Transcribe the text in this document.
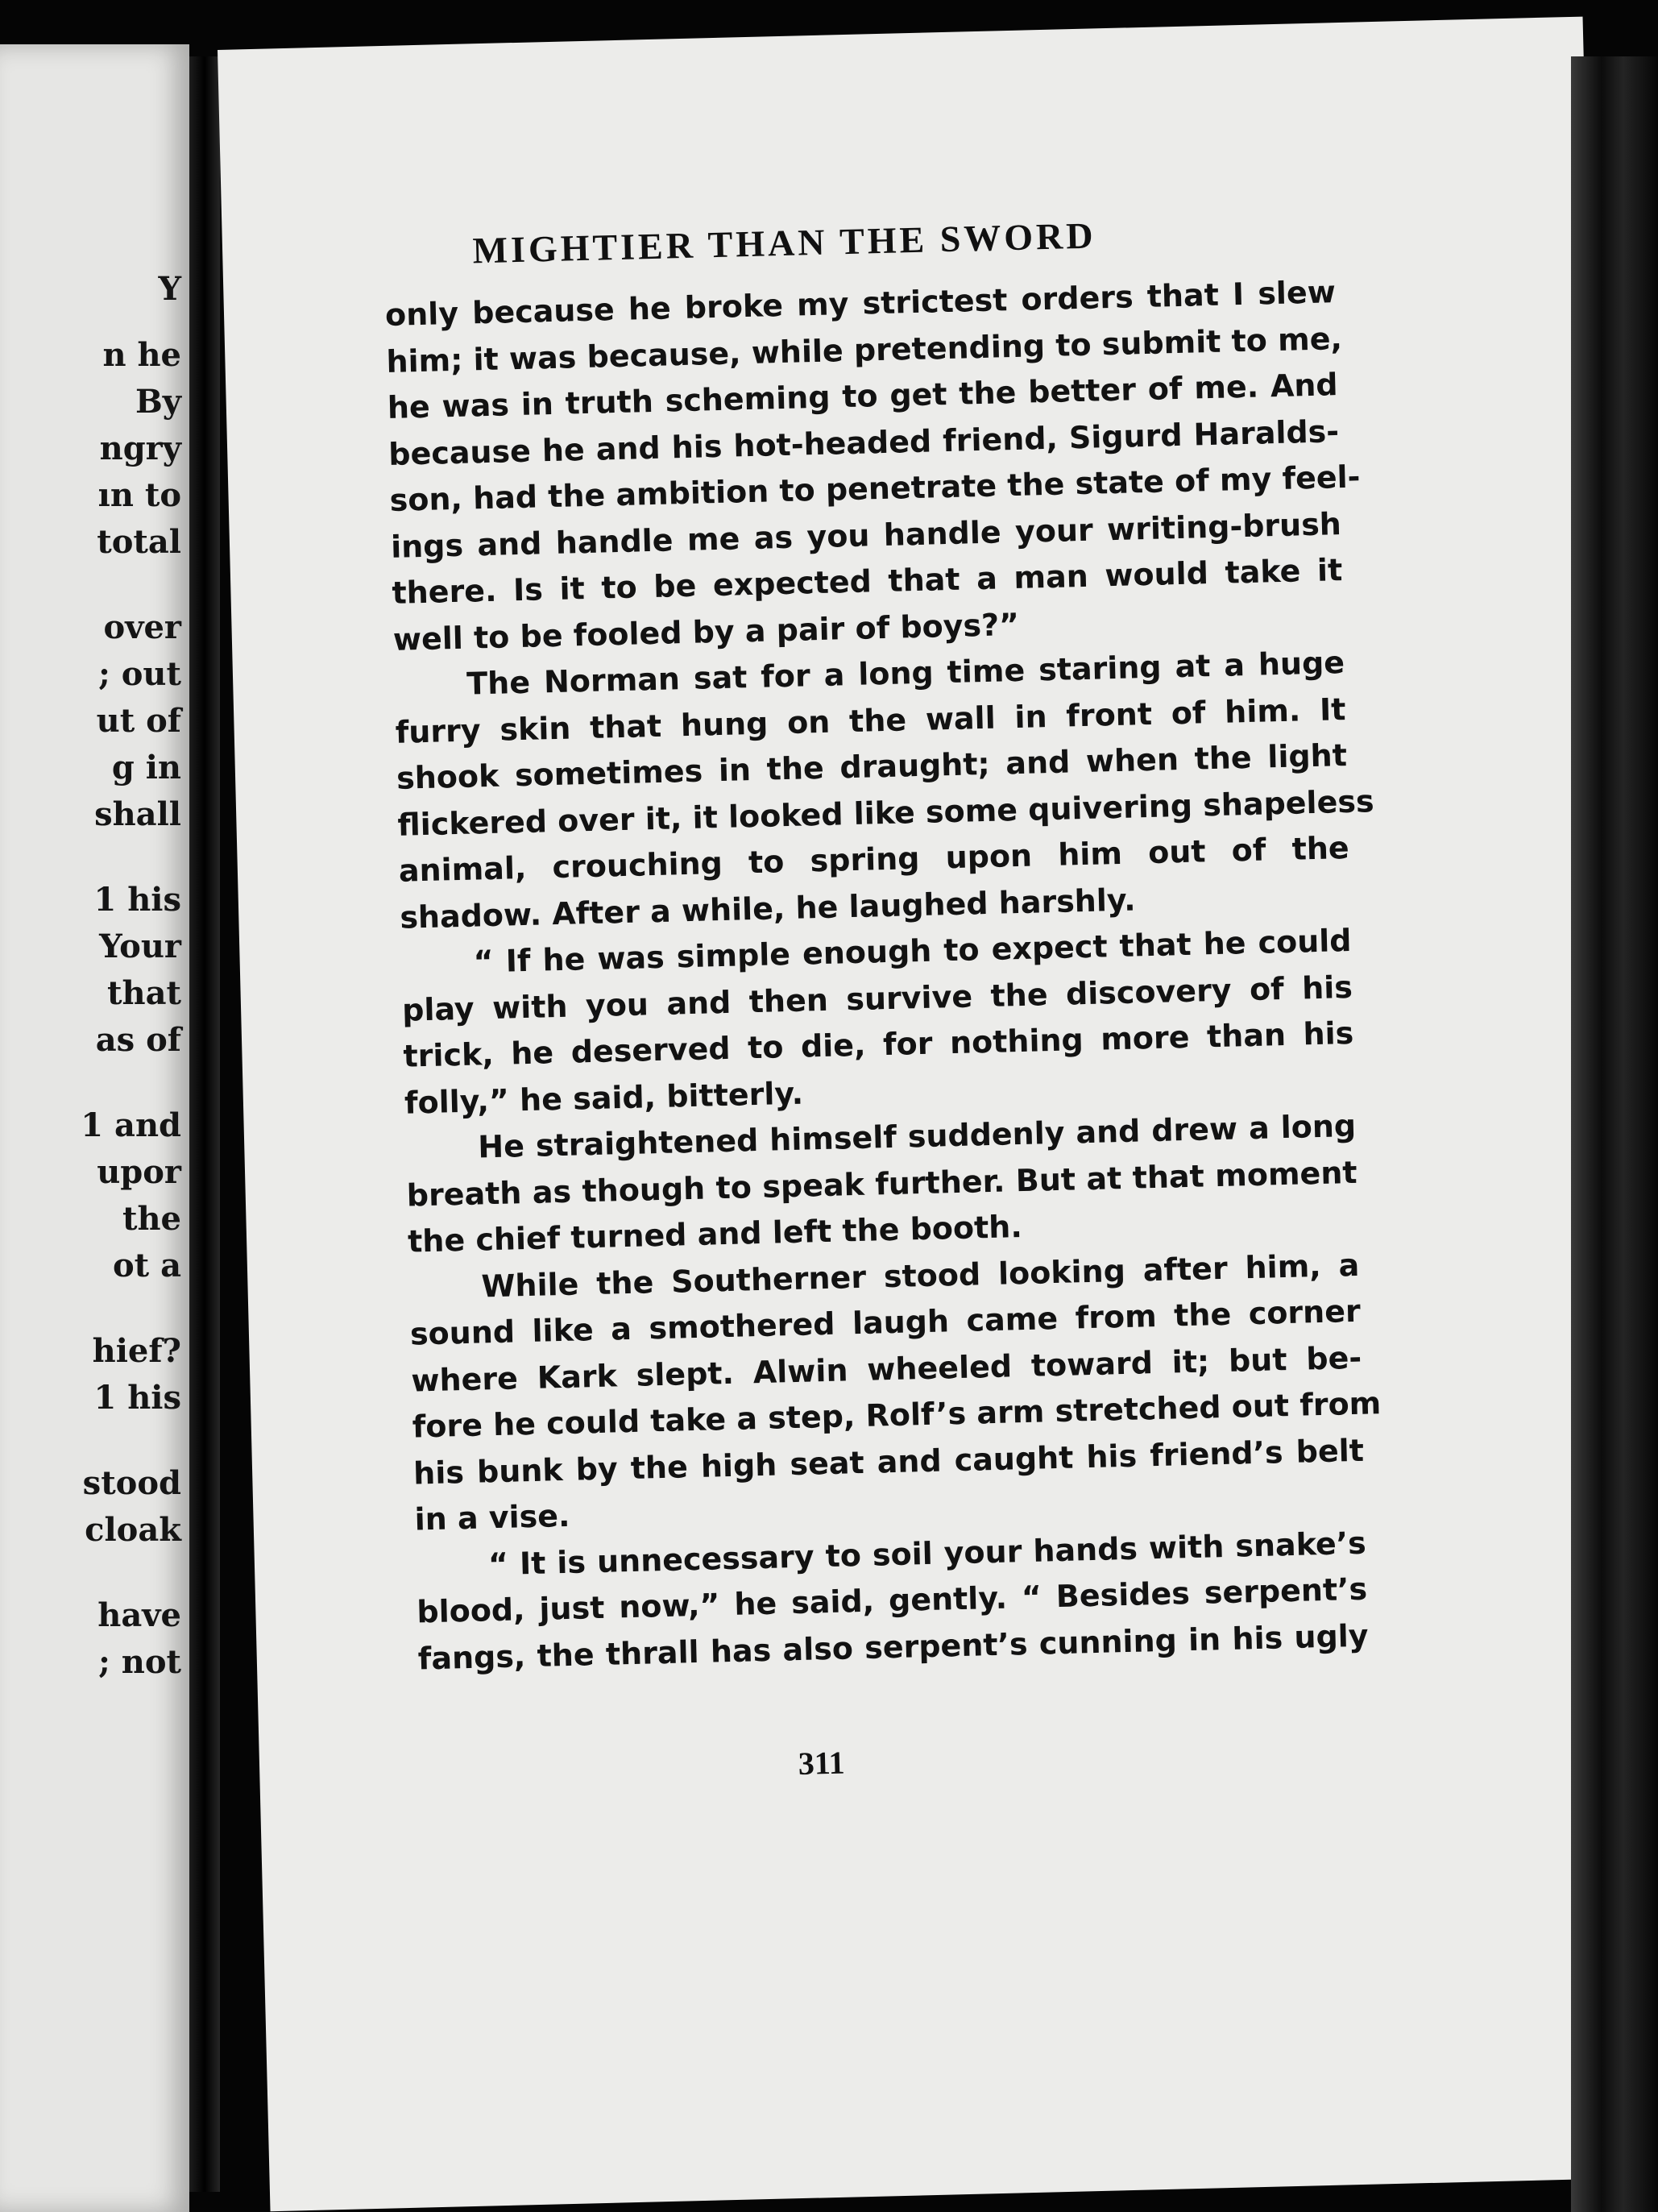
Y
n he
By
ngry
ın to
total
over
; out
ut of
g in
shall
1 his
Your
that
as of
1 and
upor
the
ot a
hief?
1 his
stood
cloak
have
; not
MIGHTIER THAN THE SWORD
only because he broke my strictest orders that I slew
him; it was because, while pretending to submit to me,
he was in truth scheming to get the better of me. And
because he and his hot-headed friend, Sigurd Haralds-
son, had the ambition to penetrate the state of my feel-
ings and handle me as you handle your writing-brush
there. Is it to be expected that a man would take it
well to be fooled by a pair of boys?”
The Norman sat for a long time staring at a huge
furry skin that hung on the wall in front of him. It
shook sometimes in the draught; and when the light
flickered over it, it looked like some quivering shapeless
animal, crouching to spring upon him out of the
shadow. After a while, he laughed harshly.
“ If he was simple enough to expect that he could
play with you and then survive the discovery of his
trick, he deserved to die, for nothing more than his
folly,” he said, bitterly.
He straightened himself suddenly and drew a long
breath as though to speak further. But at that moment
the chief turned and left the booth.
While the Southerner stood looking after him, a
sound like a smothered laugh came from the corner
where Kark slept. Alwin wheeled toward it; but be-
fore he could take a step, Rolf’s arm stretched out from
his bunk by the high seat and caught his friend’s belt
in a vise.
“ It is unnecessary to soil your hands with snake’s
blood, just now,” he said, gently. “ Besides serpent’s
fangs, the thrall has also serpent’s cunning in his ugly
311
